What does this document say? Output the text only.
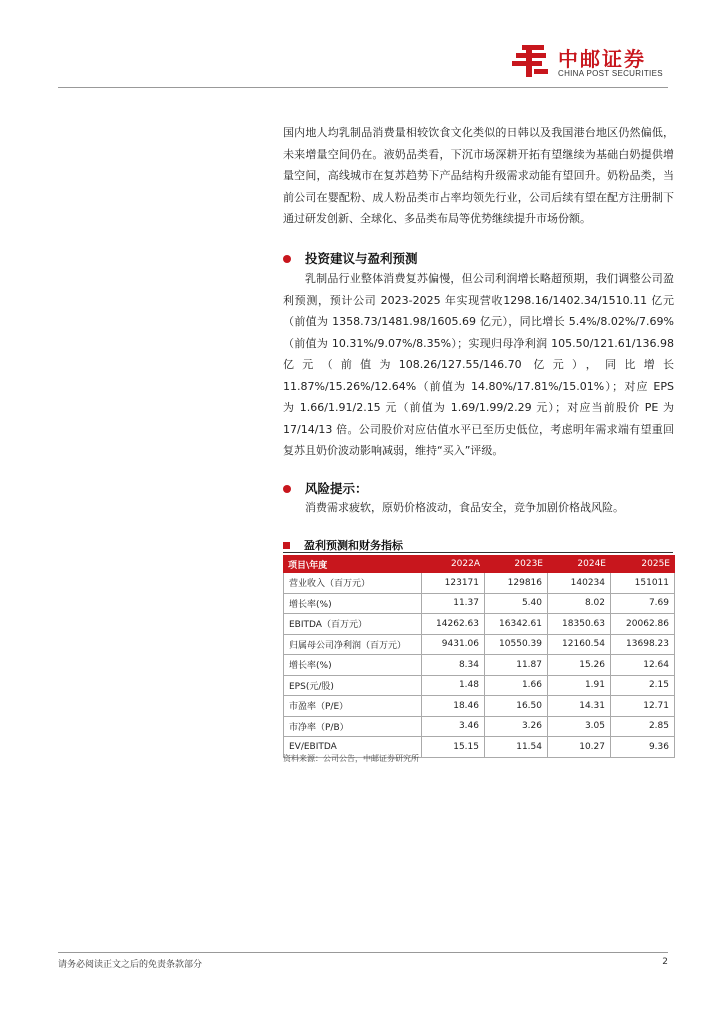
中邮证券
CHINA POST SECURITIES

国内地人均乳制品消费量相较饮食文化类似的日韩以及我国港台地区仍然偏低，未来增量空间仍在。液奶品类看，下沉市场深耕开拓有望继续为基础白奶提供增量空间，高线城市在复苏趋势下产品结构升级需求动能有望回升。奶粉品类，当前公司在婴配粉、成人粉品类市占率均领先行业，公司后续有望在配方注册制下通过研发创新、全球化、多品类布局等优势继续提升市场份额。

投资建议与盈利预测

乳制品行业整体消费复苏偏慢，但公司利润增长略超预期，我们调整公司盈利预测，预计公司 2023-2025 年实现营收1298.16/1402.34/1510.11 亿元（前值为 1358.73/1481.98/1605.69 亿元），同比增长 5.4%/8.02%/7.69%（前值为 10.31%/9.07%/8.35%）；实现归母净利润 105.50/121.61/136.98 亿元（前值为108.26/127.55/146.70 亿元），同比增长 11.87%/15.26%/12.64%（前值为 14.80%/17.81%/15.01%）；对应 EPS 为 1.66/1.91/2.15 元（前值为 1.69/1.99/2.29 元）；对应当前股价 PE 为 17/14/13 倍。公司股价对应估值水平已至历史低位，考虑明年需求端有望重回复苏且奶价波动影响减弱，维持“买入”评级。

风险提示：

消费需求疲软，原奶价格波动，食品安全，竞争加剧价格战风险。

盈利预测和财务指标
项目\年度	2022A	2023E	2024E	2025E
营业收入（百万元）	123171	129816	140234	151011
增长率(%)	11.37	5.40	8.02	7.69
EBITDA（百万元）	14262.63	16342.61	18350.63	20062.86
归属母公司净利润（百万元）	9431.06	10550.39	12160.54	13698.23
增长率(%)	8.34	11.87	15.26	12.64
EPS(元/股)	1.48	1.66	1.91	2.15
市盈率（P/E）	18.46	16.50	14.31	12.71
市净率（P/B）	3.46	3.26	3.05	2.85
EV/EBITDA	15.15	11.54	10.27	9.36
资料来源：公司公告，中邮证券研究所
请务必阅读正文之后的免责条款部分	2
